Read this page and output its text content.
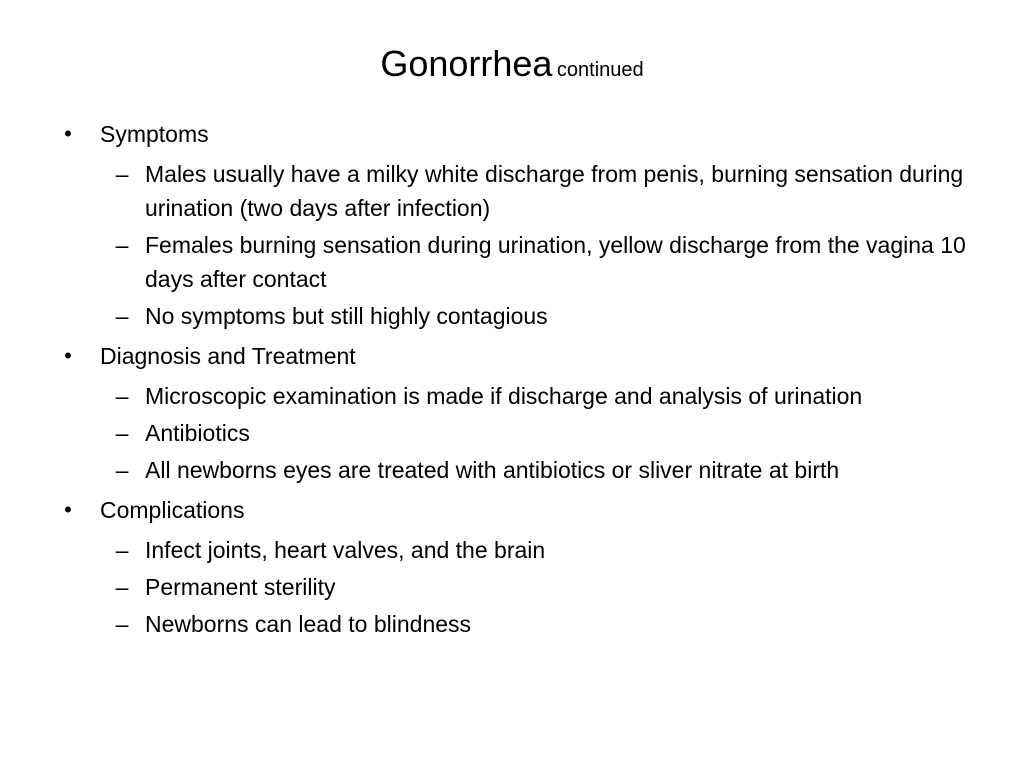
Gonorrhea continued
• Symptoms
– Males usually have a milky white discharge from penis, burning sensation during urination (two days after infection)
– Females burning sensation during urination, yellow discharge from the vagina 10 days after contact
– No symptoms but still highly contagious
• Diagnosis and Treatment
– Microscopic examination is made if discharge and analysis of urination
– Antibiotics
– All newborns eyes are treated with antibiotics or sliver nitrate at birth
• Complications
– Infect joints, heart valves, and the brain
– Permanent sterility
– Newborns can lead to blindness
